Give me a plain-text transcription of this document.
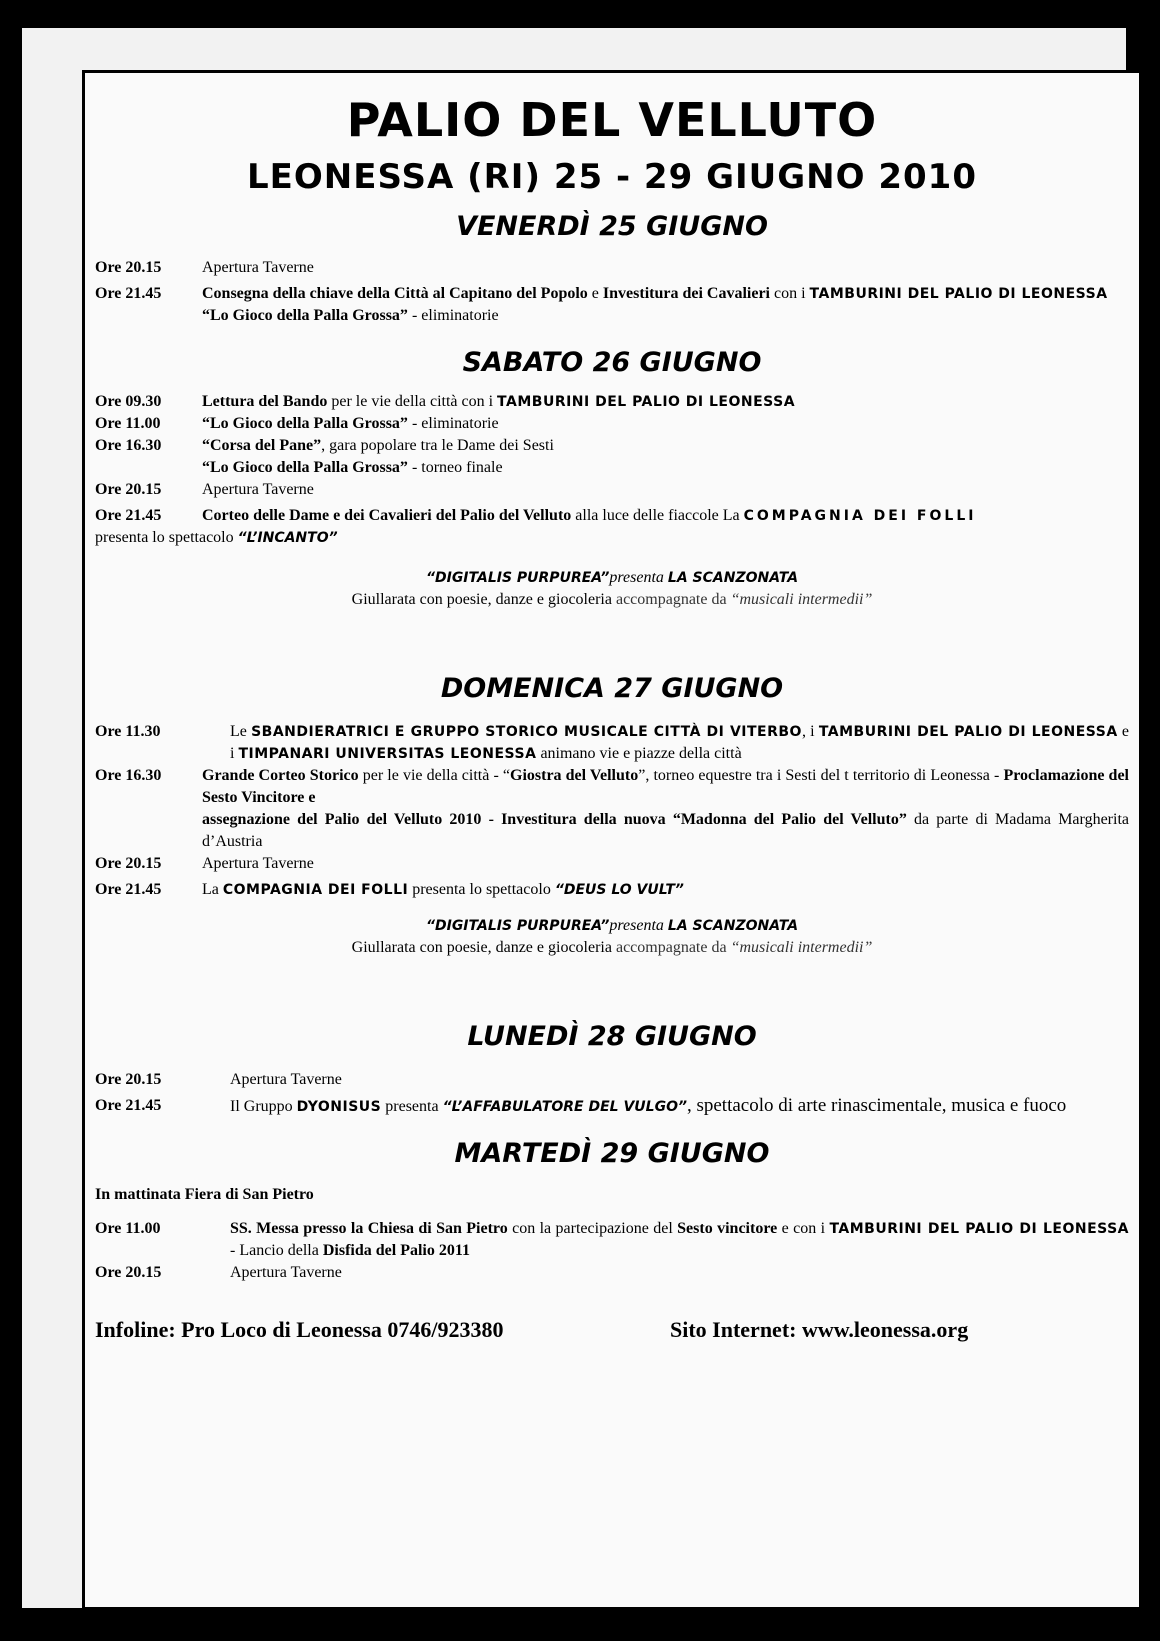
PALIO DEL VELLUTO
LEONESSA (RI) 25 - 29 GIUGNO 2010
VENERDÌ 25 GIUGNO
Ore 20.15	Apertura Taverne
Ore 21.45	Consegna della chiave della Città al Capitano del Popolo e Investitura dei Cavalieri con i TAMBURINI DEL PALIO DI LEONESSA
“Lo Gioco della Palla Grossa” - eliminatorie
SABATO 26 GIUGNO
Ore 09.30	Lettura del Bando per le vie della città con i TAMBURINI DEL PALIO DI LEONESSA
Ore 11.00	“Lo Gioco della Palla Grossa” - eliminatorie
Ore 16.30	“Corsa del Pane”, gara popolare tra le Dame dei Sesti
“Lo Gioco della Palla Grossa” - torneo finale
Ore 20.15	Apertura Taverne
Ore 21.45	Corteo delle Dame e dei Cavalieri del Palio del Velluto alla luce delle fiaccole La COMPAGNIA DEI FOLLI
presenta lo spettacolo “L’INCANTO”
“DIGITALIS PURPUREA”presenta LA SCANZONATA
Giullarata con poesie, danze e giocoleria accompagnate da “musicali intermedii”
DOMENICA 27 GIUGNO
Ore 11.30	Le SBANDIERATRICI E GRUPPO STORICO MUSICALE CITTÀ DI VITERBO, i TAMBURINI DEL PALIO DI LEONESSA e i TIMPANARI UNIVERSITAS LEONESSA animano vie e piazze della città
Ore 16.30	Grande Corteo Storico per le vie della città - “Giostra del Velluto”, torneo equestre tra i Sesti del t territorio di Leonessa - Proclamazione del Sesto Vincitore e
assegnazione del Palio del Velluto 2010 - Investitura della nuova “Madonna del Palio del Velluto” da parte di Madama Margherita d’Austria
Ore 20.15	Apertura Taverne
Ore 21.45	La COMPAGNIA DEI FOLLI presenta lo spettacolo “DEUS LO VULT”
“DIGITALIS PURPUREA”presenta LA SCANZONATA
Giullarata con poesie, danze e giocoleria accompagnate da “musicali intermedii”
LUNEDÌ 28 GIUGNO
Ore 20.15	Apertura Taverne
Ore 21.45	Il Gruppo DYONISUS presenta “L’AFFABULATORE DEL VULGO”, spettacolo di arte rinascimentale, musica e fuoco
MARTEDÌ 29 GIUGNO
In mattinata Fiera di San Pietro
Ore 11.00	SS. Messa presso la Chiesa di San Pietro con la partecipazione del Sesto vincitore e con i TAMBURINI DEL PALIO DI LEONESSA - Lancio della Disfida del Palio 2011
Ore 20.15	Apertura Taverne
Infoline: Pro Loco di Leonessa 0746/923380	Sito Internet: www.leonessa.org
